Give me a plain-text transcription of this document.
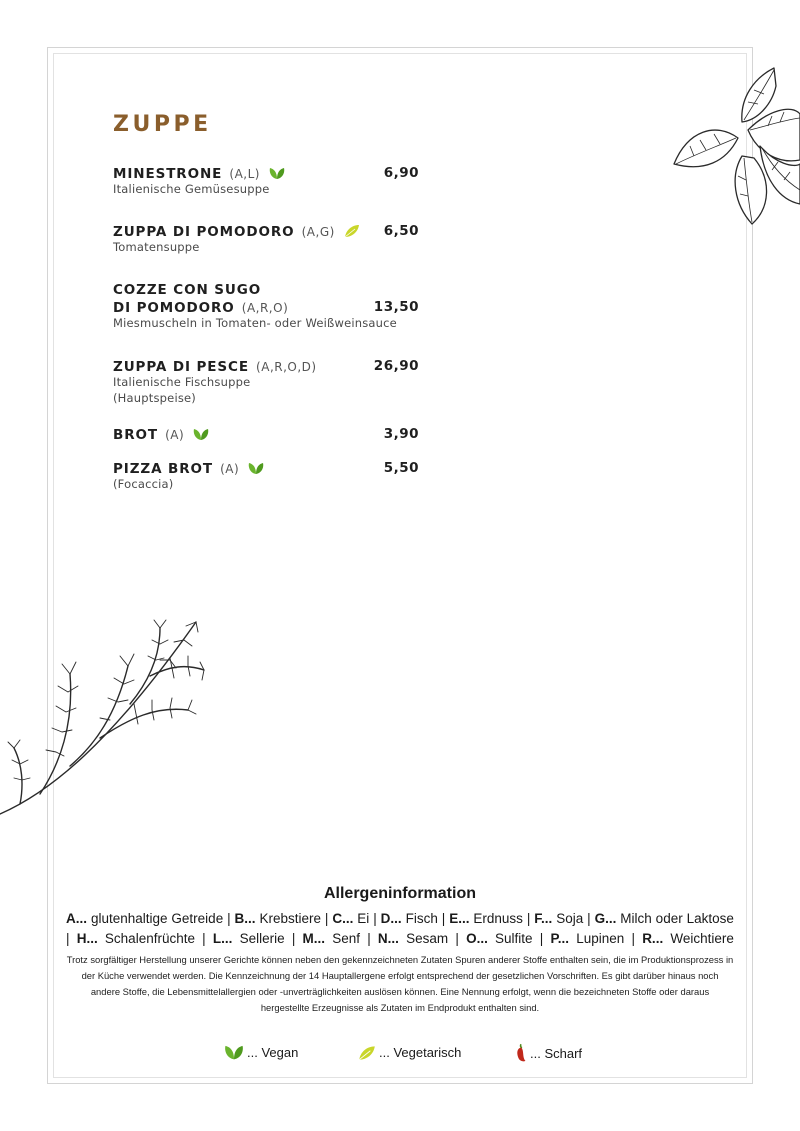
ZUPPE
MINESTRONE (A,L)	6,90
Italienische Gemüsesuppe
ZUPPA DI POMODORO (A,G)	6,50
Tomatensuppe
COZZE CON SUGO
DI POMODORO (A,R,O)	13,50
Miesmuscheln in Tomaten- oder Weißweinsauce
ZUPPA DI PESCE (A,R,O,D)	26,90
Italienische Fischsuppe
(Hauptspeise)
BROT (A)	3,90
PIZZA BROT (A)	5,50
(Focaccia)
Allergeninformation
A... glutenhaltige Getreide | B... Krebstiere | C... Ei | D... Fisch | E... Erdnuss | F... Soja | G... Milch oder Laktose | H... Schalenfrüchte | L... Sellerie | M... Senf | N... Sesam | O... Sulfite | P... Lupinen | R... Weichtiere
Trotz sorgfältiger Herstellung unserer Gerichte können neben den gekennzeichneten Zutaten Spuren anderer Stoffe enthalten sein, die im Produktionsprozess in der Küche verwendet werden. Die Kennzeichnung der 14 Hauptallergene erfolgt entsprechend der gesetzlichen Vorschriften. Es gibt darüber hinaus noch andere Stoffe, die Lebensmittelallergien oder -unverträglichkeiten auslösen können. Eine Nennung erfolgt, wenn die bezeichneten Stoffe oder daraus hergestellte Erzeugnisse als Zutaten im Endprodukt enthalten sind.
... Vegan	... Vegetarisch	... Scharf
